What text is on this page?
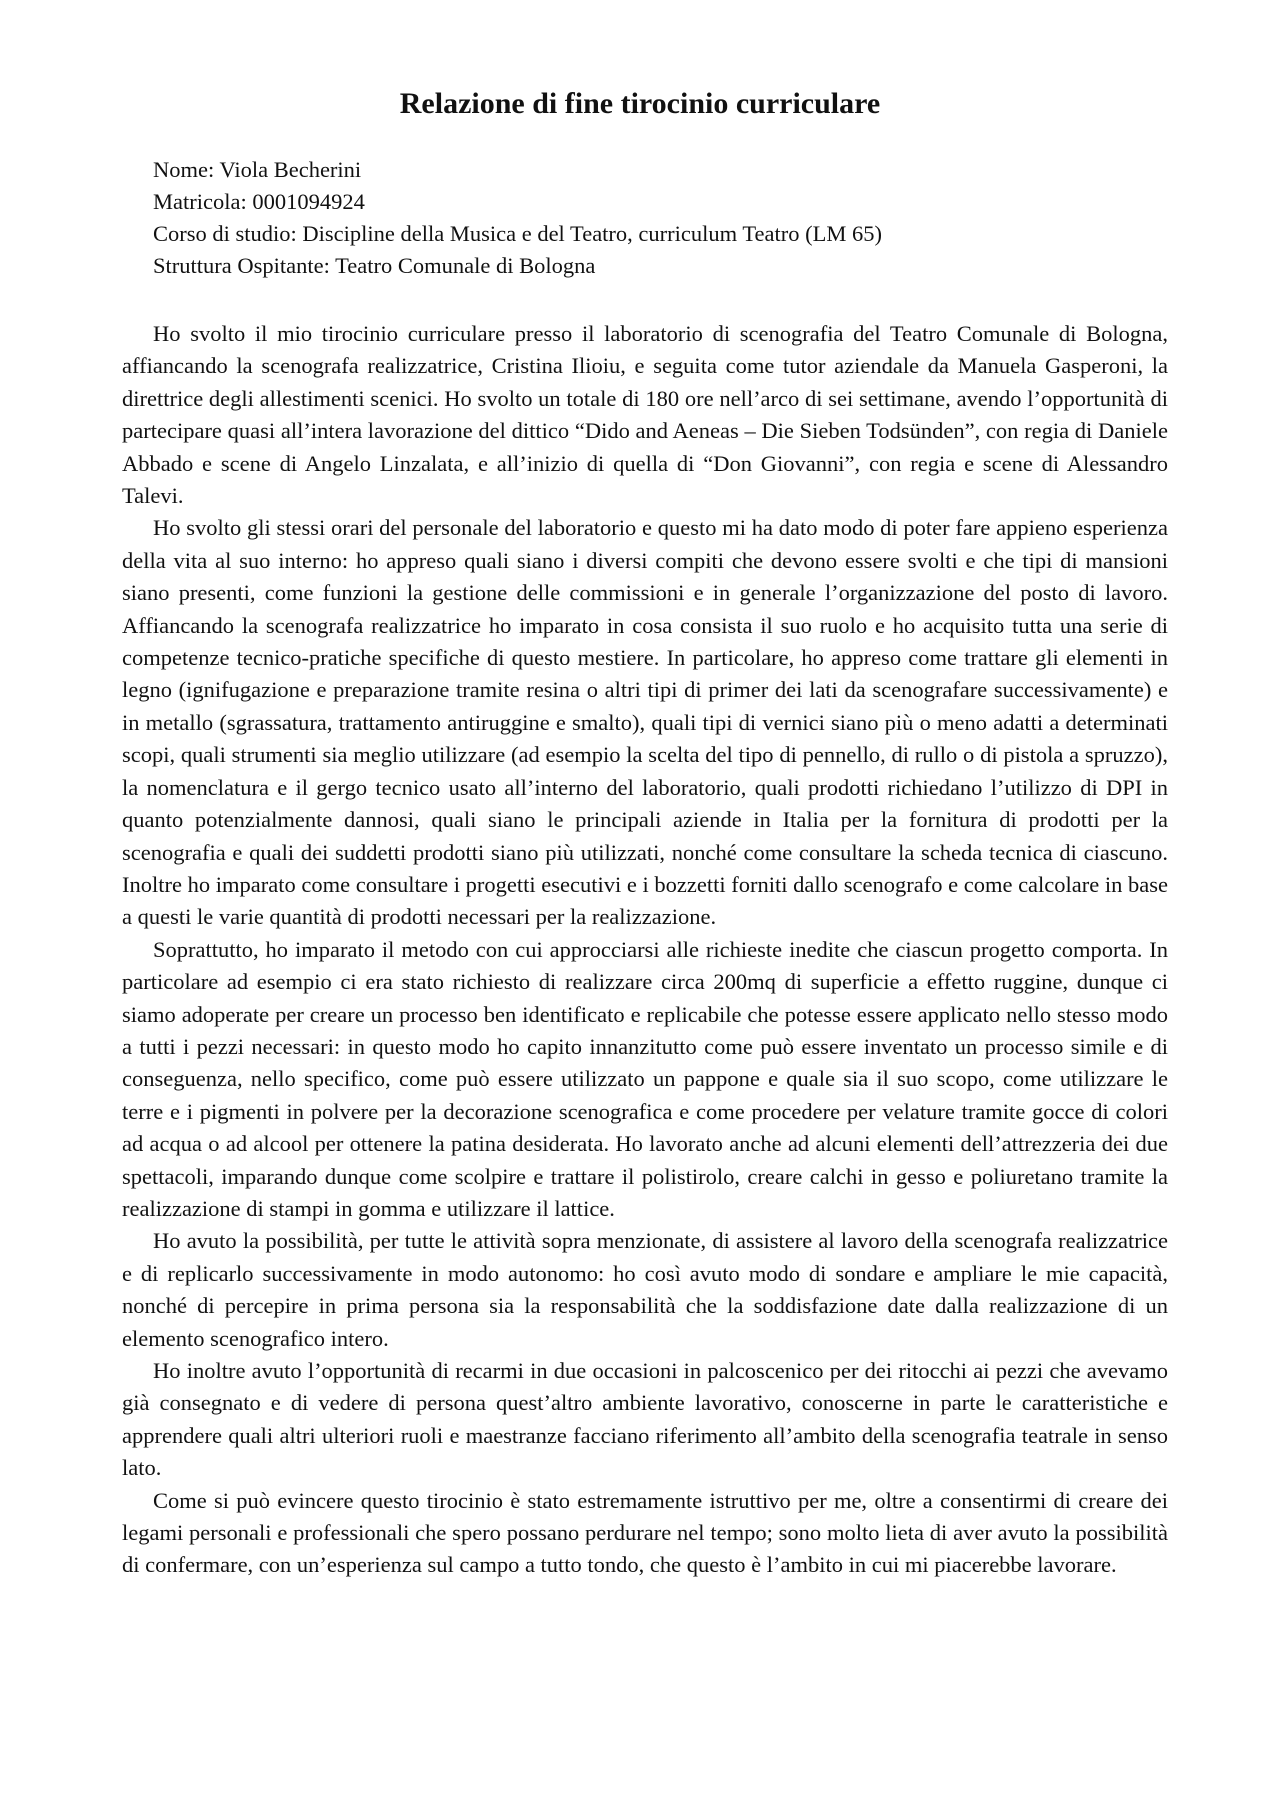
Relazione di fine tirocinio curriculare
Nome: Viola Becherini
Matricola: 0001094924
Corso di studio: Discipline della Musica e del Teatro, curriculum Teatro (LM 65)
Struttura Ospitante: Teatro Comunale di Bologna

Ho svolto il mio tirocinio curriculare presso il laboratorio di scenografia del Teatro Comunale di Bologna, affiancando la scenografa realizzatrice, Cristina Ilioiu, e seguita come tutor aziendale da Manuela Gasperoni, la direttrice degli allestimenti scenici. Ho svolto un totale di 180 ore nell’arco di sei settimane, avendo l’opportunità di partecipare quasi all’intera lavorazione del dittico “Dido and Aeneas – Die Sieben Todsünden”, con regia di Daniele Abbado e scene di Angelo Linzalata, e all’inizio di quella di “Don Giovanni”, con regia e scene di Alessandro Talevi.

Ho svolto gli stessi orari del personale del laboratorio e questo mi ha dato modo di poter fare appieno esperienza della vita al suo interno: ho appreso quali siano i diversi compiti che devono essere svolti e che tipi di mansioni siano presenti, come funzioni la gestione delle commissioni e in generale l’organizzazione del posto di lavoro. Affiancando la scenografa realizzatrice ho imparato in cosa consista il suo ruolo e ho acquisito tutta una serie di competenze tecnico-pratiche specifiche di questo mestiere. In particolare, ho appreso come trattare gli elementi in legno (ignifugazione e preparazione tramite resina o altri tipi di primer dei lati da scenografare successivamente) e in metallo (sgrassatura, trattamento antiruggine e smalto), quali tipi di vernici siano più o meno adatti a determinati scopi, quali strumenti sia meglio utilizzare (ad esempio la scelta del tipo di pennello, di rullo o di pistola a spruzzo), la nomenclatura e il gergo tecnico usato all’interno del laboratorio, quali prodotti richiedano l’utilizzo di DPI in quanto potenzialmente dannosi, quali siano le principali aziende in Italia per la fornitura di prodotti per la scenografia e quali dei suddetti prodotti siano più utilizzati, nonché come consultare la scheda tecnica di ciascuno. Inoltre ho imparato come consultare i progetti esecutivi e i bozzetti forniti dallo scenografo e come calcolare in base a questi le varie quantità di prodotti necessari per la realizzazione.

Soprattutto, ho imparato il metodo con cui approcciarsi alle richieste inedite che ciascun progetto comporta. In particolare ad esempio ci era stato richiesto di realizzare circa 200mq di superficie a effetto ruggine, dunque ci siamo adoperate per creare un processo ben identificato e replicabile che potesse essere applicato nello stesso modo a tutti i pezzi necessari: in questo modo ho capito innanzitutto come può essere inventato un processo simile e di conseguenza, nello specifico, come può essere utilizzato un pappone e quale sia il suo scopo, come utilizzare le terre e i pigmenti in polvere per la decorazione scenografica e come procedere per velature tramite gocce di colori ad acqua o ad alcool per ottenere la patina desiderata. Ho lavorato anche ad alcuni elementi dell’attrezzeria dei due spettacoli, imparando dunque come scolpire e trattare il polistirolo, creare calchi in gesso e poliuretano tramite la realizzazione di stampi in gomma e utilizzare il lattice.

Ho avuto la possibilità, per tutte le attività sopra menzionate, di assistere al lavoro della scenografa realizzatrice e di replicarlo successivamente in modo autonomo: ho così avuto modo di sondare e ampliare le mie capacità, nonché di percepire in prima persona sia la responsabilità che la soddisfazione date dalla realizzazione di un elemento scenografico intero.

Ho inoltre avuto l’opportunità di recarmi in due occasioni in palcoscenico per dei ritocchi ai pezzi che avevamo già consegnato e di vedere di persona quest’altro ambiente lavorativo, conoscerne in parte le caratteristiche e apprendere quali altri ulteriori ruoli e maestranze facciano riferimento all’ambito della scenografia teatrale in senso lato.

Come si può evincere questo tirocinio è stato estremamente istruttivo per me, oltre a consentirmi di creare dei legami personali e professionali che spero possano perdurare nel tempo; sono molto lieta di aver avuto la possibilità di confermare, con un’esperienza sul campo a tutto tondo, che questo è l’ambito in cui mi piacerebbe lavorare.
